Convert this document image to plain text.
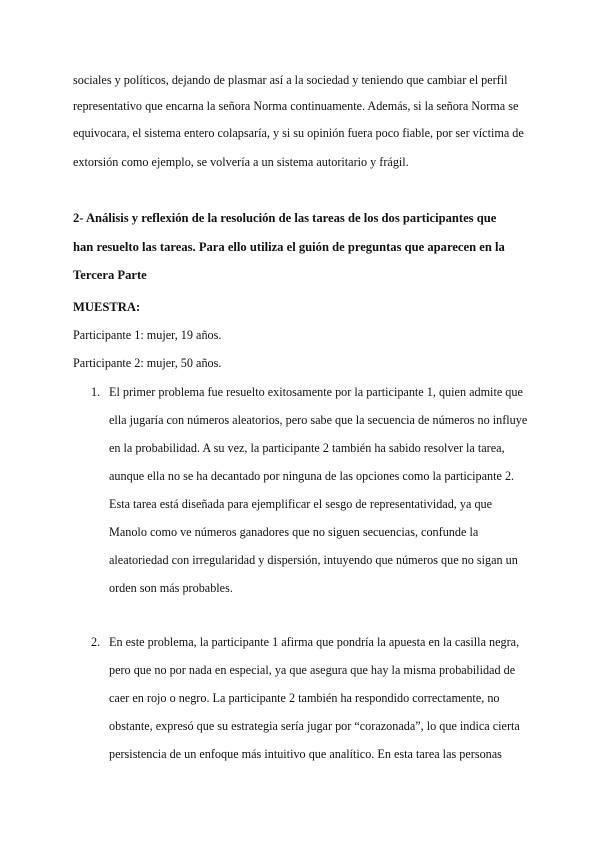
sociales y políticos, dejando de plasmar así a la sociedad y teniendo que cambiar el perfil
representativo que encarna la señora Norma continuamente. Además, si la señora Norma se
equivocara, el sistema entero colapsaría, y si su opinión fuera poco fiable, por ser víctima de
extorsión como ejemplo, se volvería a un sistema autoritario y frágil.
2- Análisis y reflexión de la resolución de las tareas de los dos participantes que
han resuelto las tareas. Para ello utiliza el guión de preguntas que aparecen en la
Tercera Parte
MUESTRA:
Participante 1: mujer, 19 años.
Participante 2: mujer, 50 años.
1. El primer problema fue resuelto exitosamente por la participante 1, quien admite que
ella jugaría con números aleatorios, pero sabe que la secuencia de números no influye
en la probabilidad. A su vez, la participante 2 también ha sabido resolver la tarea,
aunque ella no se ha decantado por ninguna de las opciones como la participante 2.
Esta tarea está diseñada para ejemplificar el sesgo de representatividad, ya que
Manolo como ve números ganadores que no siguen secuencias, confunde la
aleatoriedad con irregularidad y dispersión, intuyendo que números que no sigan un
orden son más probables.
2. En este problema, la participante 1 afirma que pondría la apuesta en la casilla negra,
pero que no por nada en especial, ya que asegura que hay la misma probabilidad de
caer en rojo o negro. La participante 2 también ha respondido correctamente, no
obstante, expresó que su estrategia sería jugar por “corazonada”, lo que indica cierta
persistencia de un enfoque más intuitivo que analítico. En esta tarea las personas
